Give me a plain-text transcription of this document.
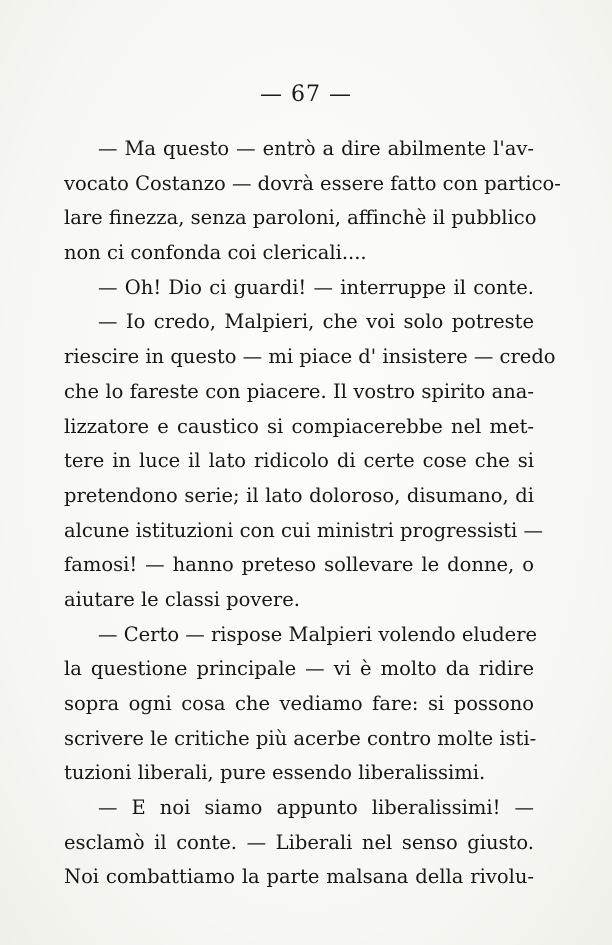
— 67 —
— Ma questo — entrò a dire abilmente l'av-
vocato Costanzo — dovrà essere fatto con partico-
lare finezza, senza paroloni, affinchè il pubblico
non ci confonda coi clericali....
— Oh! Dio ci guardi! — interruppe il conte.
— Io credo, Malpieri, che voi solo potreste
riescire in questo — mi piace d' insistere — credo
che lo fareste con piacere. Il vostro spirito ana-
lizzatore e caustico si compiacerebbe nel met-
tere in luce il lato ridicolo di certe cose che si
pretendono serie; il lato doloroso, disumano, di
alcune istituzioni con cui ministri progressisti —
famosi! — hanno preteso sollevare le donne, o
aiutare le classi povere.
— Certo — rispose Malpieri volendo eludere
la questione principale — vi è molto da ridire
sopra ogni cosa che vediamo fare: si possono
scrivere le critiche più acerbe contro molte isti-
tuzioni liberali, pure essendo liberalissimi.
— E noi siamo appunto liberalissimi! —
esclamò il conte. — Liberali nel senso giusto.
Noi combattiamo la parte malsana della rivolu-
